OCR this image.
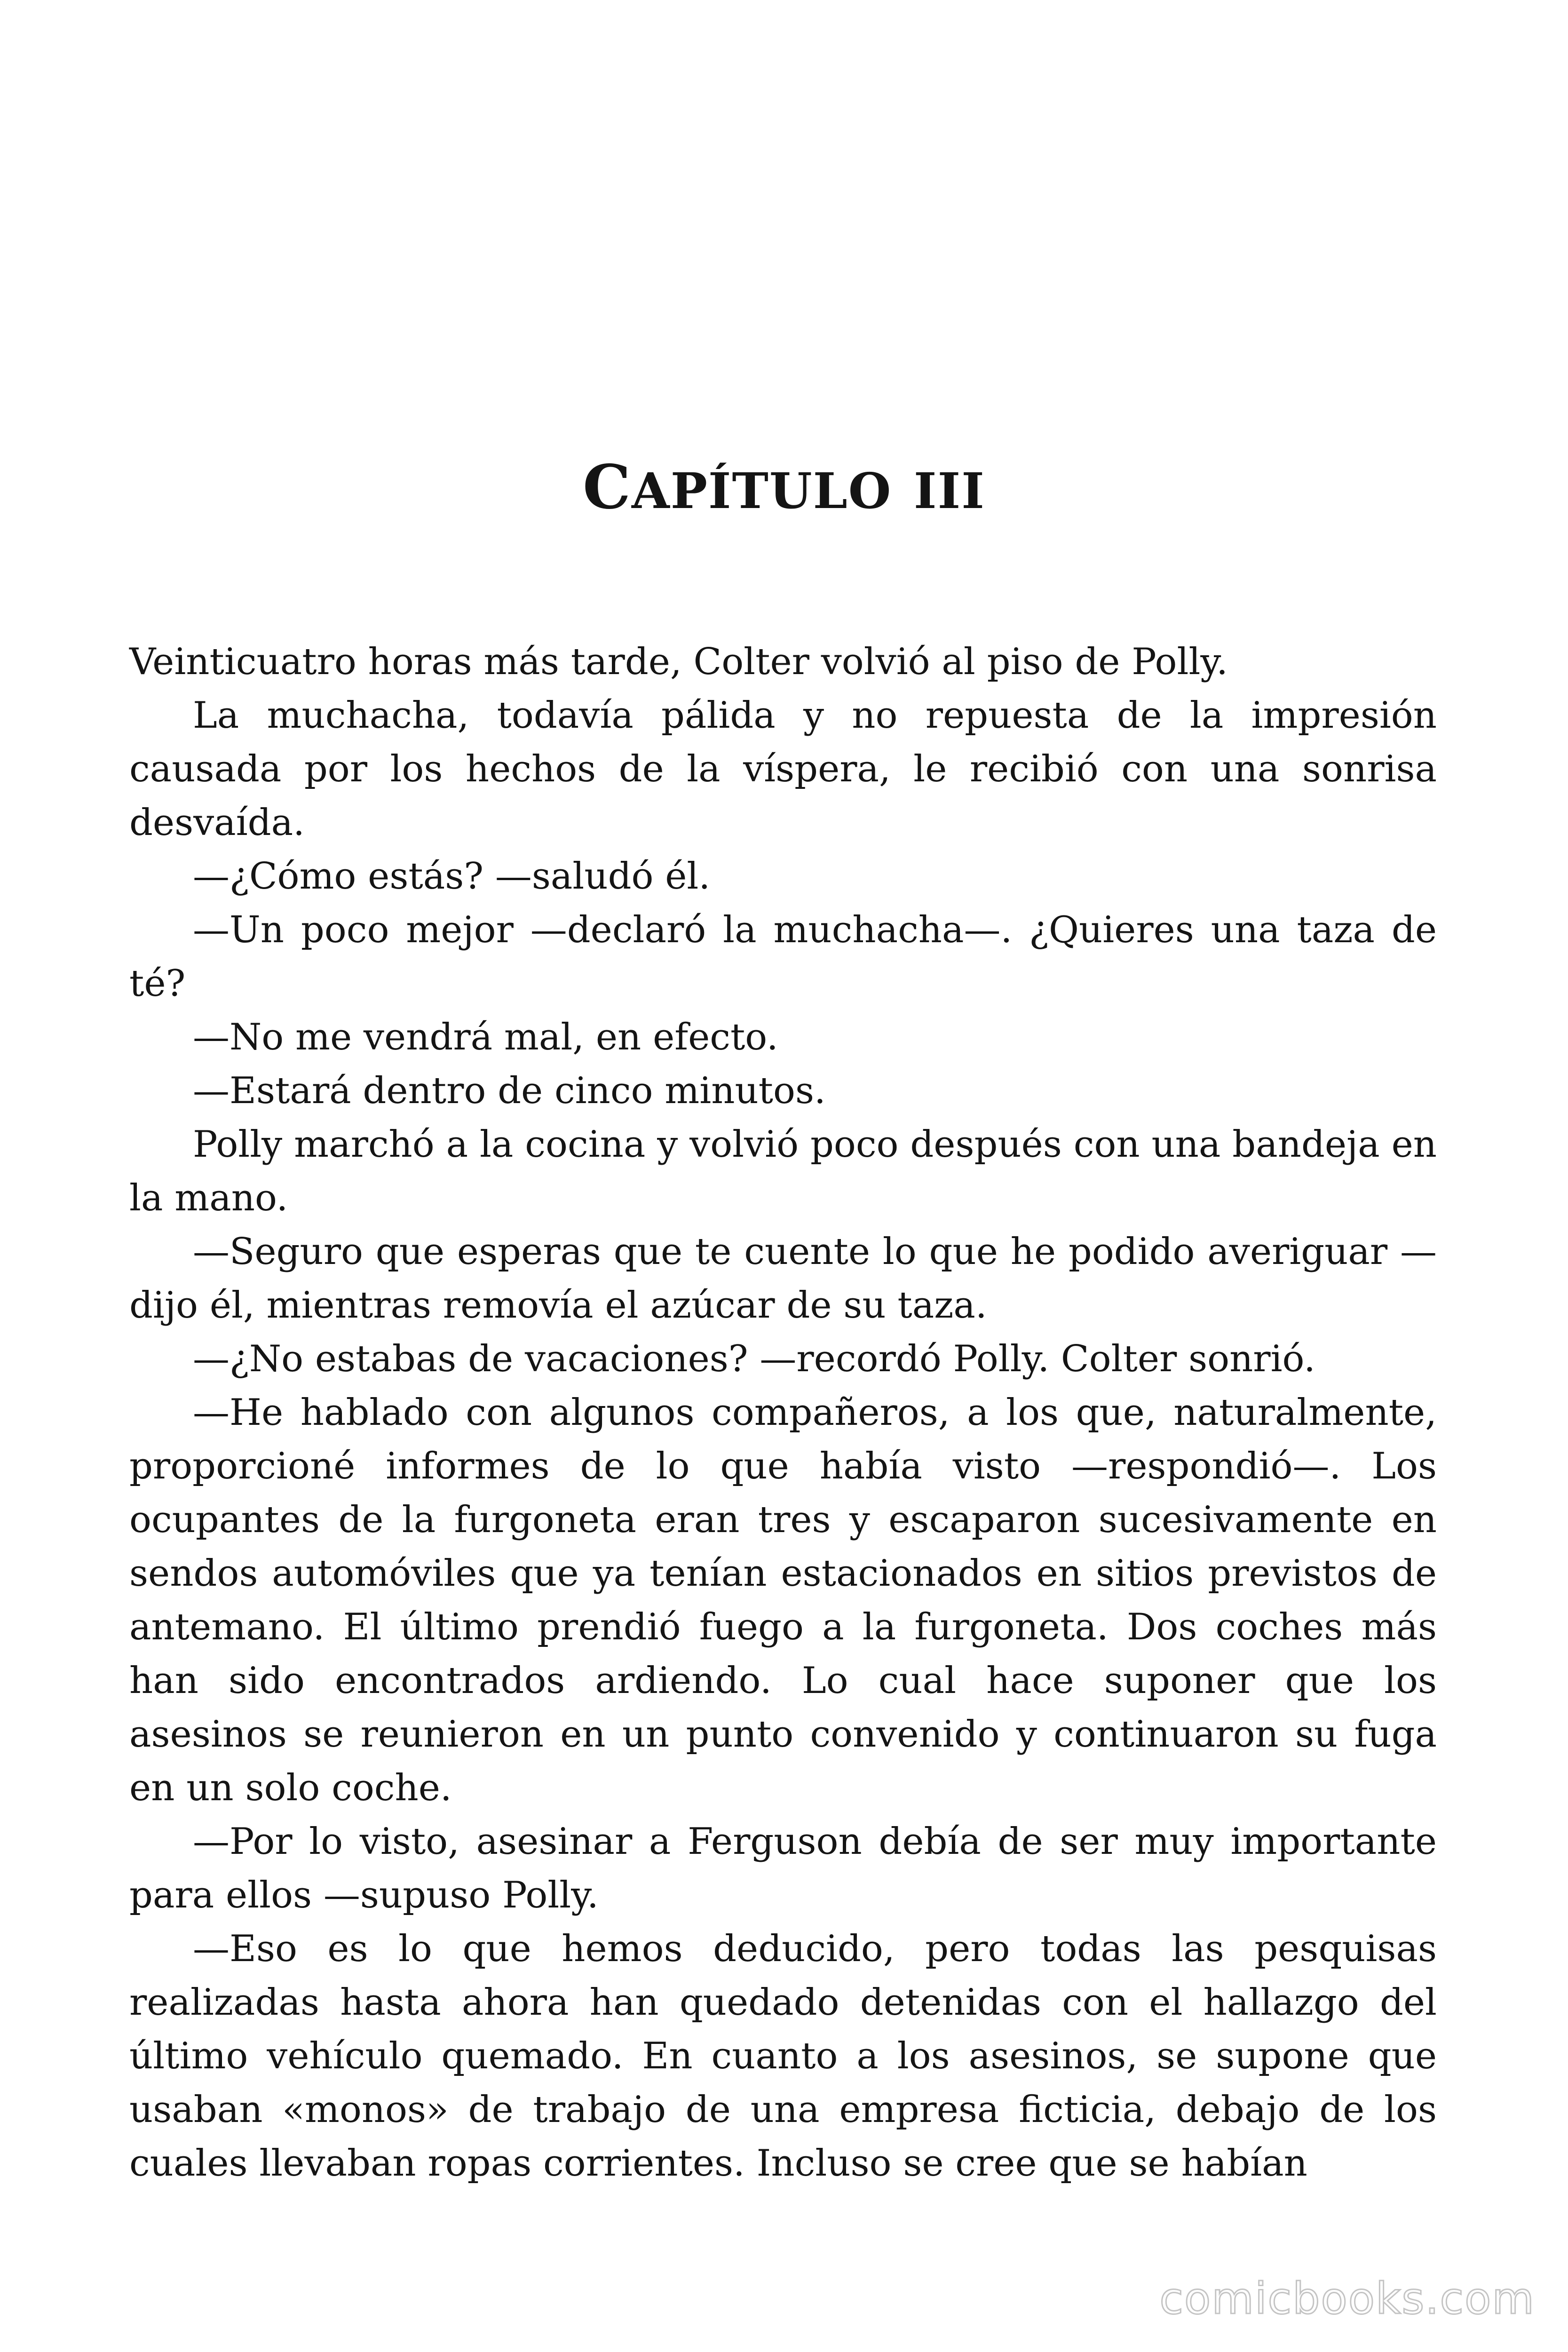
CAPÍTULO III

Veinticuatro horas más tarde, Colter volvió al piso de Polly.

La muchacha, todavía pálida y no repuesta de la impresión causada por los hechos de la víspera, le recibió con una sonrisa desvaída.

—¿Cómo estás? —saludó él.

—Un poco mejor —declaró la muchacha—. ¿Quieres una taza de té?

—No me vendrá mal, en efecto.

—Estará dentro de cinco minutos.

Polly marchó a la cocina y volvió poco después con una bandeja en la mano.

—Seguro que esperas que te cuente lo que he podido averiguar —dijo él, mientras removía el azúcar de su taza.

—¿No estabas de vacaciones? —recordó Polly. Colter sonrió.

—He hablado con algunos compañeros, a los que, naturalmente, proporcioné informes de lo que había visto —respondió—. Los ocupantes de la furgoneta eran tres y escaparon sucesivamente en sendos automóviles que ya tenían estacionados en sitios previstos de antemano. El último prendió fuego a la furgoneta. Dos coches más han sido encontrados ardiendo. Lo cual hace suponer que los asesinos se reunieron en un punto convenido y continuaron su fuga en un solo coche.

—Por lo visto, asesinar a Ferguson debía de ser muy importante para ellos —supuso Polly.

—Eso es lo que hemos deducido, pero todas las pesquisas realizadas hasta ahora han quedado detenidas con el hallazgo del último vehículo quemado. En cuanto a los asesinos, se supone que usaban «monos» de trabajo de una empresa ficticia, debajo de los cuales llevaban ropas corrientes. Incluso se cree que se habían

comicbooks.com
